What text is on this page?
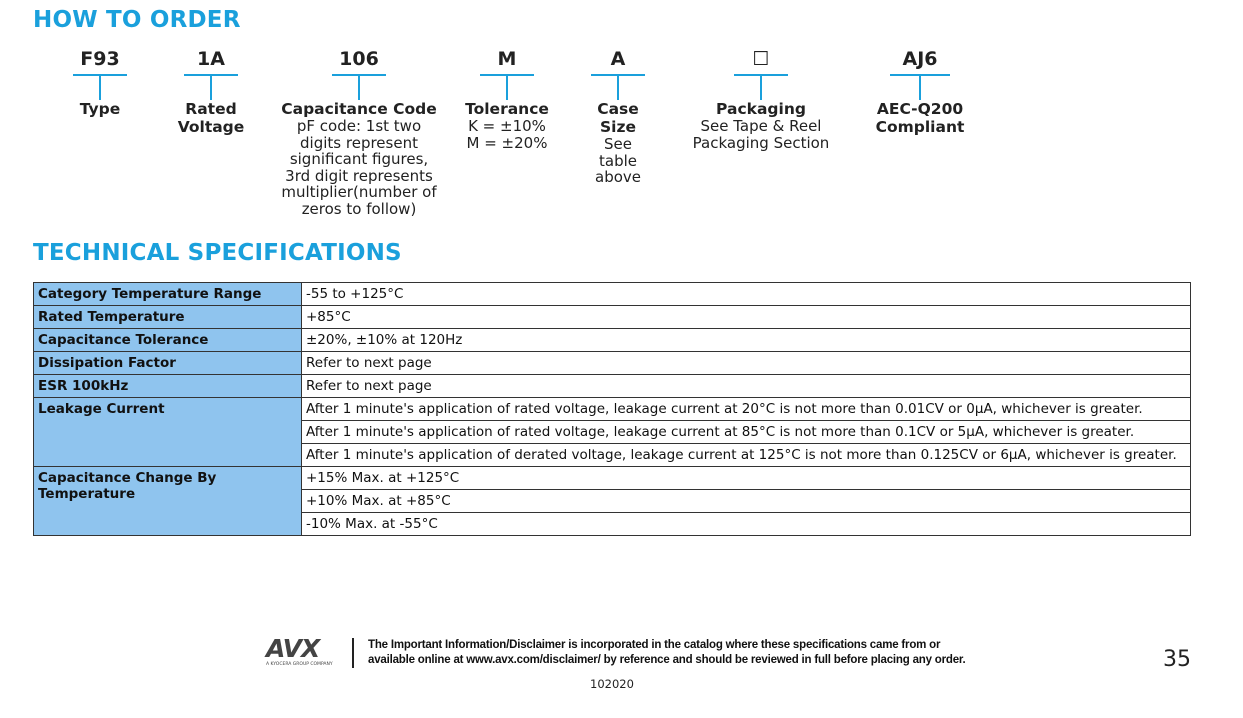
HOW TO ORDER
F93
Type
1A
Rated
Voltage
106
Capacitance Code
pF code: 1st two
digits represent
significant figures,
3rd digit represents
multiplier(number of
zeros to follow)
M
Tolerance
K = ±10%
M = ±20%
A
Case
Size
See
table
above
☐
Packaging
See Tape & Reel
Packaging Section
AJ6
AEC-Q200
Compliant
TECHNICAL SPECIFICATIONS
Category Temperature Range	-55 to +125°C
Rated Temperature	+85°C
Capacitance Tolerance	±20%, ±10% at 120Hz
Dissipation Factor	Refer to next page
ESR 100kHz	Refer to next page
Leakage Current	After 1 minute's application of rated voltage, leakage current at 20°C is not more than 0.01CV or 0μA, whichever is greater.
	After 1 minute's application of rated voltage, leakage current at 85°C is not more than 0.1CV or 5μA, whichever is greater.
	After 1 minute's application of derated voltage, leakage current at 125°C is not more than 0.125CV or 6μA, whichever is greater.
Capacitance Change By Temperature	+15% Max. at +125°C
	+10% Max. at +85°C
	-10% Max. at -55°C
AVX
A KYOCERA GROUP COMPANY
The Important Information/Disclaimer is incorporated in the catalog where these specifications came from or
available online at www.avx.com/disclaimer/ by reference and should be reviewed in full before placing any order.
102020
35
